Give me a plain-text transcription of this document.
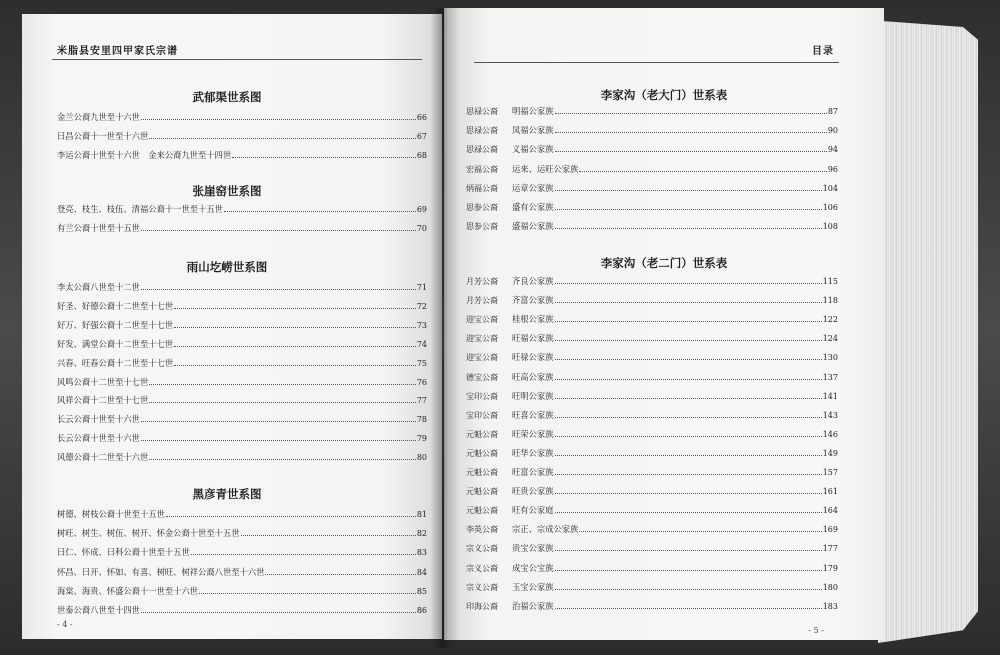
米脂县安里四甲家氏宗谱
武郁渠世系图
金兰公裔九世至十六世	66
曰昌公裔十一世至十六世	67
李运公裔十世至十六世　金来公裔九世至十四世	68
张崖窑世系图
登亮、枝生、枝伍、清福公裔十一世至十五世	69
有兰公裔十世至十五世	70
雨山圪崂世系图
李太公裔八世至十二世	71
好圣、好德公裔十二世至十七世	72
好万、好强公裔十二世至十七世	73
好发、满堂公裔十二世至十七世	74
兴春、旺春公裔十二世至十七世	75
风鸣公裔十二世至十七世	76
风祥公裔十二世至十七世	77
长云公裔十世至十六世	78
长云公裔十世至十六世	79
风德公裔十二世至十六世	80
黑彦青世系图
树德、树枝公裔十世至十五世	81
树旺、树生、树伍、树开、怀金公裔十世至十五世	82
曰仁、怀成、曰科公裔十世至十五世	83
怀昌、曰开、怀如、有喜、树旺、树祥公裔八世至十六世	84
海棠、海贵、怀盛公裔十一世至十六世	85
世泰公裔八世至十四世	86
- 4 -
目录
李家沟（老大门）世系表
思禄公裔	明福公家族	87
思禄公裔	凤福公家族	90
思禄公裔	义福公家族	94
宏福公裔	运来、运旺公家族	96
炳福公裔	运章公家族	104
思参公裔	盛有公家族	106
思参公裔	盛福公家族	108
李家沟（老二门）世系表
月芳公裔	齐良公家族	115
月芳公裔	齐富公家族	118
迎宝公裔	桂根公家族	122
迎宝公裔	旺福公家族	124
迎宝公裔	旺禄公家族	130
德宝公裔	旺高公家族	137
宝印公裔	旺明公家族	141
宝印公裔	旺喜公家族	143
元魁公裔	旺荣公家族	146
元魁公裔	旺华公家族	149
元魁公裔	旺富公家族	157
元魁公裔	旺贵公家族	161
元魁公裔	旺有公家庭	164
李英公裔	宗正、宗成公家族	169
宗义公裔	贵宝公家族	177
宗义公裔	成宝公宝族	179
宗义公裔	玉宝公家族	180
印海公裔	治福公家族	183
- 5 -
